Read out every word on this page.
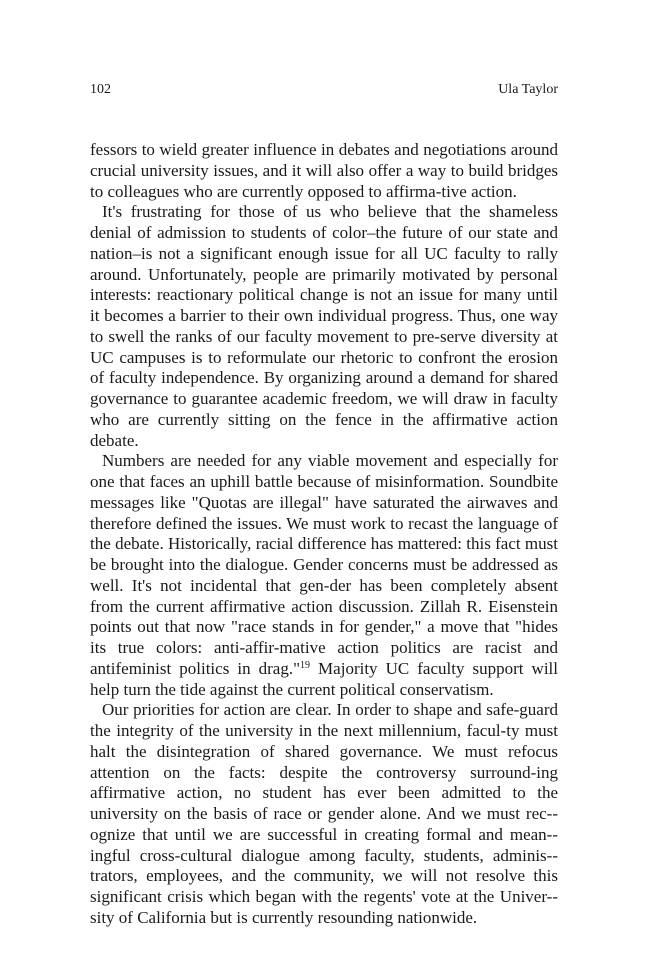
102	Ula Taylor

fessors to wield greater influence in debates and negotiations around crucial university issues, and it will also offer a way to build bridges to colleagues who are currently opposed to affirma-tive action.

It's frustrating for those of us who believe that the shameless denial of admission to students of color–the future of our state and nation–is not a significant enough issue for all UC faculty to rally around. Unfortunately, people are primarily motivated by personal interests: reactionary political change is not an issue for many until it becomes a barrier to their own individual progress. Thus, one way to swell the ranks of our faculty movement to pre-serve diversity at UC campuses is to reformulate our rhetoric to confront the erosion of faculty independence. By organizing around a demand for shared governance to guarantee academic freedom, we will draw in faculty who are currently sitting on the fence in the affirmative action debate.

Numbers are needed for any viable movement and especially for one that faces an uphill battle because of misinformation. Soundbite messages like "Quotas are illegal" have saturated the airwaves and therefore defined the issues. We must work to recast the language of the debate. Historically, racial difference has mattered: this fact must be brought into the dialogue. Gender concerns must be addressed as well. It's not incidental that gen-der has been completely absent from the current affirmative action discussion. Zillah R. Eisenstein points out that now "race stands in for gender," a move that "hides its true colors: anti-affir-mative action politics are racist and antifeminist politics in drag."$^{19}$ Majority UC faculty support will help turn the tide against the current political conservatism.

Our priorities for action are clear. In order to shape and safe-guard the integrity of the university in the next millennium, facul-ty must halt the disintegration of shared governance. We must refocus attention on the facts: despite the controversy surround-ing affirmative action, no student has ever been admitted to the university on the basis of race or gender alone. And we must rec-ognize that until we are successful in creating formal and mean-ingful cross-cultural dialogue among faculty, students, adminis-trators, employees, and the community, we will not resolve this significant crisis which began with the regents' vote at the Univer-sity of California but is currently resounding nationwide.
